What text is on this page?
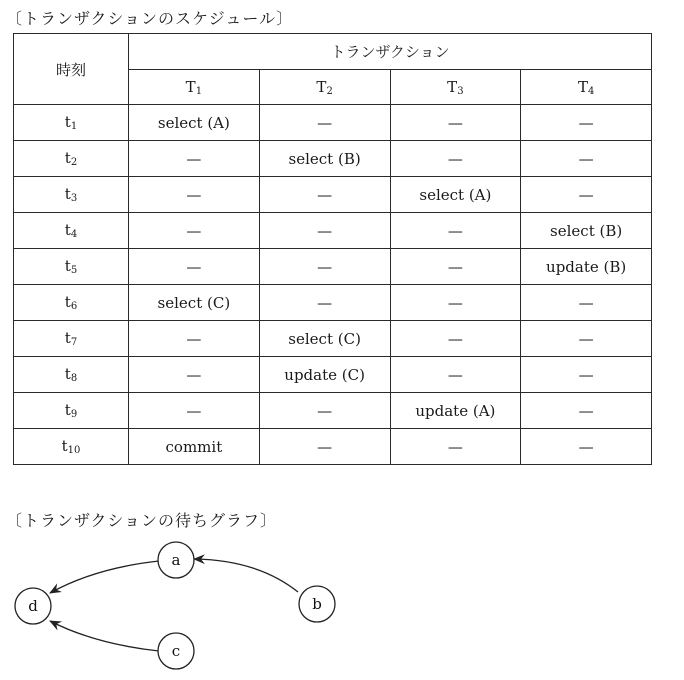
〔トランザクションのスケジュール〕
時刻	トランザクション			
	$T_1$	$T_2$	$T_3$	$T_4$
$t_1$	select (A)	—	—	—
$t_2$	—	select (B)	—	—
$t_3$	—	—	select (A)	—
$t_4$	—	—	—	select (B)
$t_5$	—	—	—	update (B)
$t_6$	select (C)	—	—	—
$t_7$	—	select (C)	—	—
$t_8$	—	update (C)	—	—
$t_9$	—	—	update (A)	—
$t_{10}$	commit	—	—	—
〔トランザクションの待ちグラフ〕
a
b
c
d
